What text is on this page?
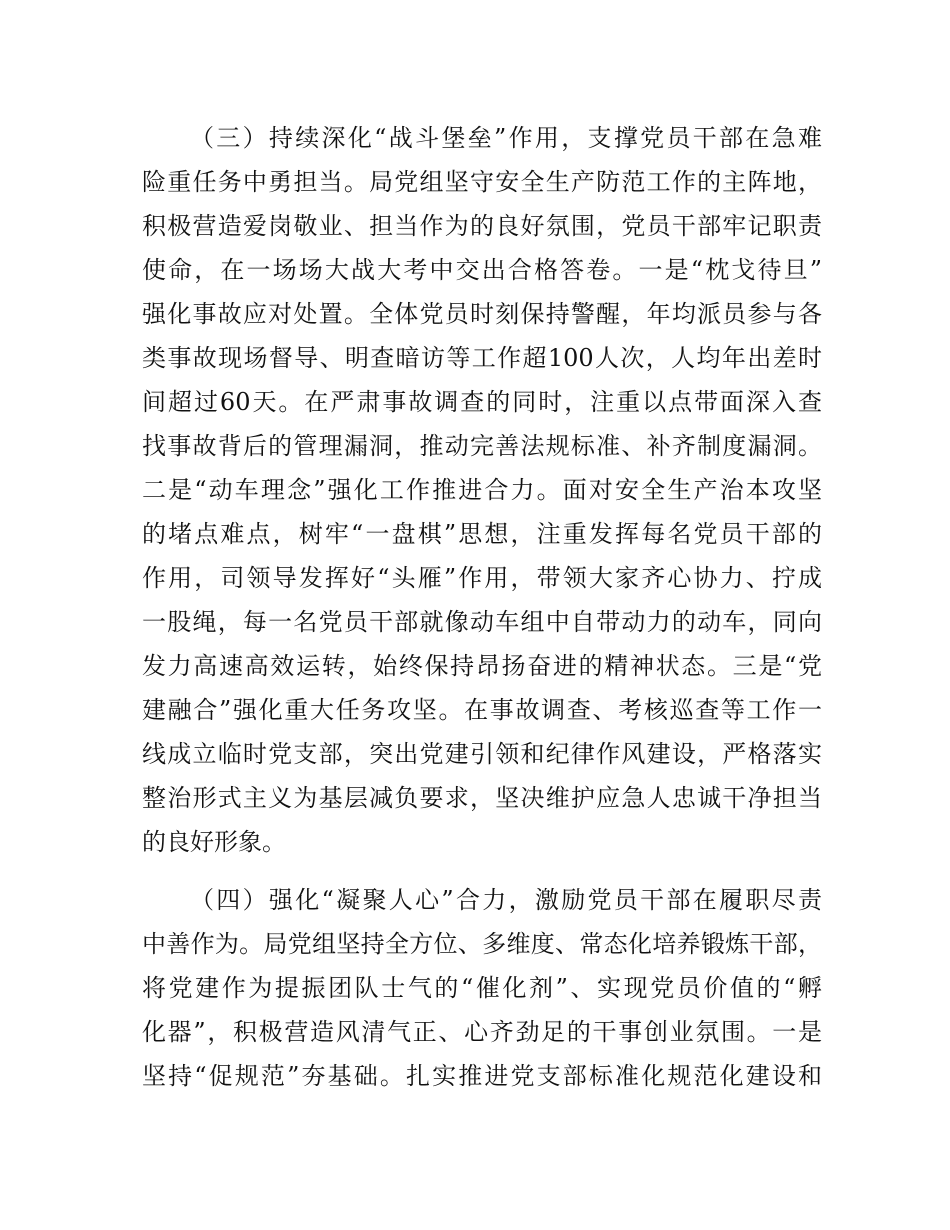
（三）持续深化“战斗堡垒”作用，支撑党员干部在急难
险重任务中勇担当。局党组坚守安全生产防范工作的主阵地，
积极营造爱岗敬业、担当作为的良好氛围，党员干部牢记职责
使命，在一场场大战大考中交出合格答卷。一是“枕戈待旦”
强化事故应对处置。全体党员时刻保持警醒，年均派员参与各
类事故现场督导、明查暗访等工作超100人次，人均年出差时
间超过60天。在严肃事故调查的同时，注重以点带面深入查
找事故背后的管理漏洞，推动完善法规标准、补齐制度漏洞。
二是“动车理念”强化工作推进合力。面对安全生产治本攻坚
的堵点难点，树牢“一盘棋”思想，注重发挥每名党员干部的
作用，司领导发挥好“头雁”作用，带领大家齐心协力、拧成
一股绳，每一名党员干部就像动车组中自带动力的动车，同向
发力高速高效运转，始终保持昂扬奋进的精神状态。三是“党
建融合”强化重大任务攻坚。在事故调查、考核巡查等工作一
线成立临时党支部，突出党建引领和纪律作风建设，严格落实
整治形式主义为基层减负要求，坚决维护应急人忠诚干净担当
的良好形象。
（四）强化“凝聚人心”合力，激励党员干部在履职尽责
中善作为。局党组坚持全方位、多维度、常态化培养锻炼干部，
将党建作为提振团队士气的“催化剂”、实现党员价值的“孵
化器”，积极营造风清气正、心齐劲足的干事创业氛围。一是
坚持“促规范”夯基础。扎实推进党支部标准化规范化建设和
